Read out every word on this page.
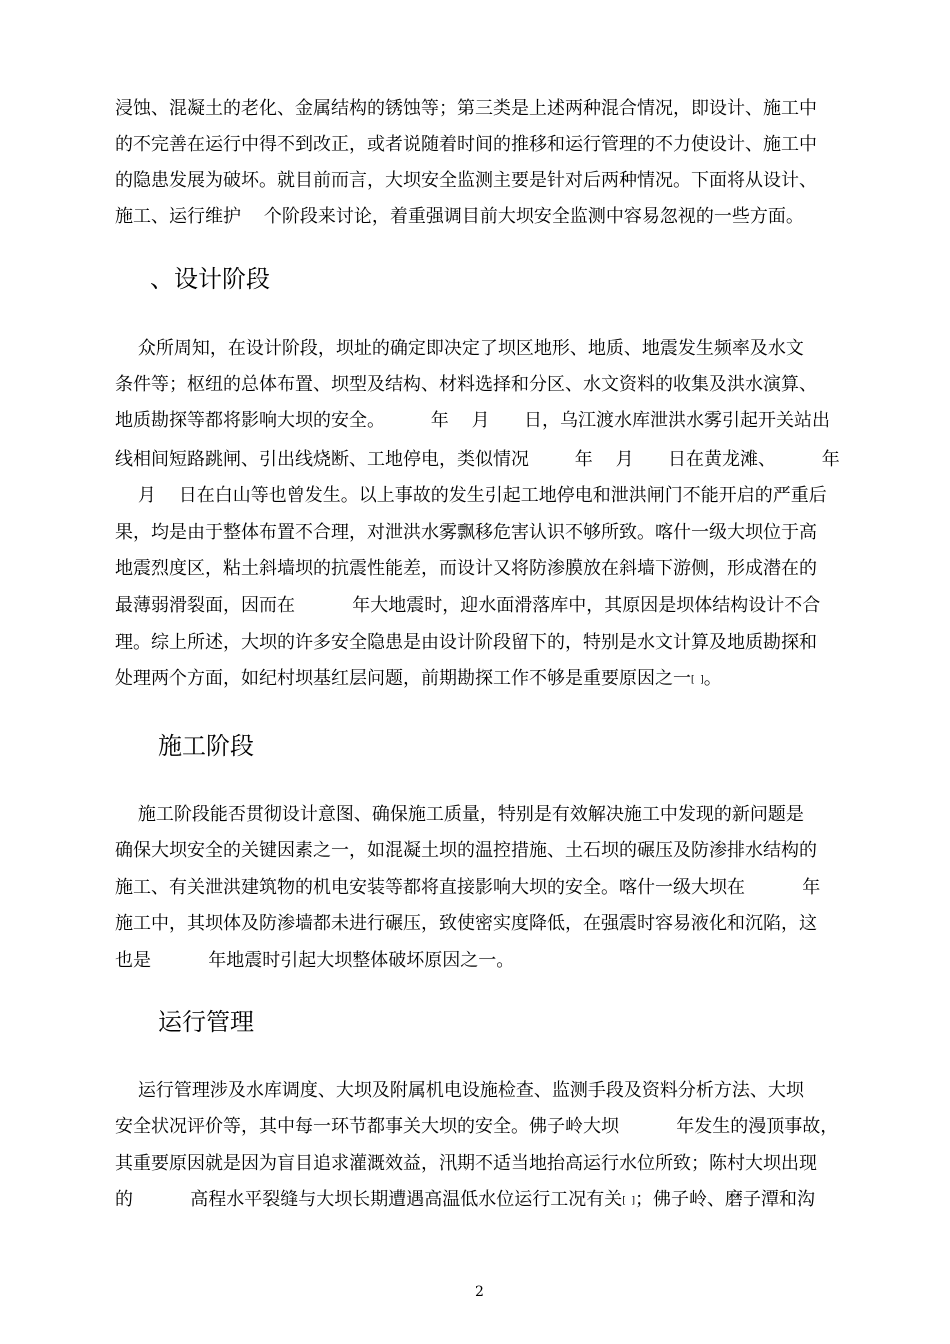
浸蚀、混凝土的老化、金属结构的锈蚀等；第三类是上述两种混合情况，即设计、施工中
的不完善在运行中得不到改正，或者说随着时间的推移和运行管理的不力使设计、施工中
的隐患发展为破坏。就目前而言，大坝安全监测主要是针对后两种情况。下面将从设计、
施工、运行维护    个阶段来讨论，着重强调目前大坝安全监测中容易忽视的一些方面。
、设计阶段
众所周知，在设计阶段，坝址的确定即决定了坝区地形、地质、地震发生频率及水文
条件等；枢纽的总体布置、坝型及结构、材料选择和分区、水文资料的收集及洪水演算、
地质勘探等都将影响大坝的安全。        年    月      日，乌江渡水库泄洪水雾引起开关站出
线相间短路跳闸、引出线烧断、工地停电，类似情况        年    月      日在黄龙滩、        年
月    日在白山等也曾发生。以上事故的发生引起工地停电和泄洪闸门不能开启的严重后
果，均是由于整体布置不合理，对泄洪水雾飘移危害认识不够所致。喀什一级大坝位于高
地震烈度区，粘土斜墙坝的抗震性能差，而设计又将防渗膜放在斜墙下游侧，形成潜在的
最薄弱滑裂面，因而在          年大地震时，迎水面滑落库中，其原因是坝体结构设计不合
理。综上所述，大坝的许多安全隐患是由设计阶段留下的，特别是水文计算及地质勘探和
处理两个方面，如纪村坝基红层问题，前期勘探工作不够是重要原因之一[  ]。
施工阶段
施工阶段能否贯彻设计意图、确保施工质量，特别是有效解决施工中发现的新问题是
确保大坝安全的关键因素之一，如混凝土坝的温控措施、土石坝的碾压及防渗排水结构的
施工、有关泄洪建筑物的机电安装等都将直接影响大坝的安全。喀什一级大坝在          年
施工中，其坝体及防渗墙都未进行碾压，致使密实度降低，在强震时容易液化和沉陷，这
也是          年地震时引起大坝整体破坏原因之一。
运行管理
运行管理涉及水库调度、大坝及附属机电设施检查、监测手段及资料分析方法、大坝
安全状况评价等，其中每一环节都事关大坝的安全。佛子岭大坝          年发生的漫顶事故，
其重要原因就是因为盲目追求灌溉效益，汛期不适当地抬高运行水位所致；陈村大坝出现
的          高程水平裂缝与大坝长期遭遇高温低水位运行工况有关[  ]；佛子岭、磨子潭和沟
2
